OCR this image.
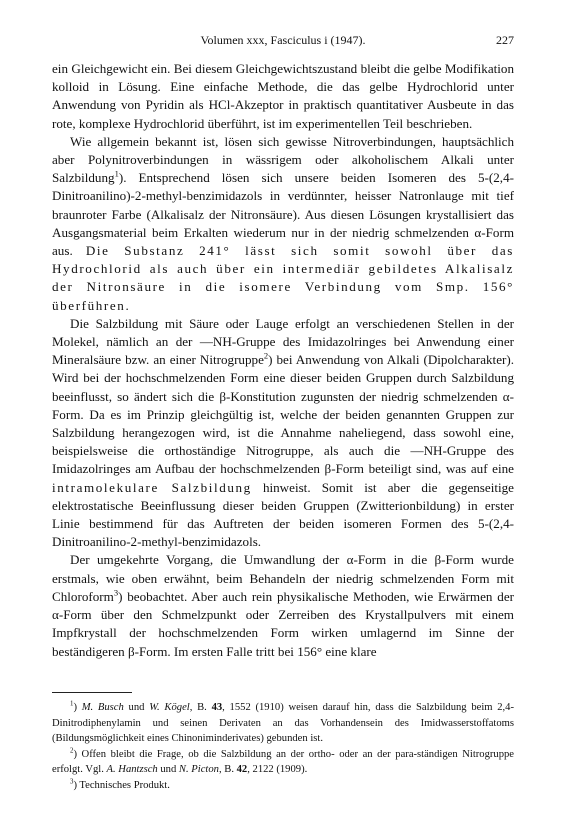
Volumen xxx, Fasciculus i (1947).	227

ein Gleichgewicht ein. Bei diesem Gleichgewichtszustand bleibt die gelbe Modifikation kolloid in Lösung. Eine einfache Methode, die das gelbe Hydrochlorid unter Anwendung von Pyridin als HCl-Akzeptor in praktisch quantitativer Ausbeute in das rote, komplexe Hydrochlorid überführt, ist im experimentellen Teil beschrieben.

Wie allgemein bekannt ist, lösen sich gewisse Nitroverbindungen, hauptsächlich aber Polynitroverbindungen in wässrigem oder alkoholischem Alkali unter Salzbildung$^1$). Entsprechend lösen sich unsere beiden Isomeren des 5-(2,4-Dinitroanilino)-2-methyl-benzimidazols in verdünnter, heisser Natronlauge mit tief braunroter Farbe (Alkalisalz der Nitronsäure). Aus diesen Lösungen krystallisiert das Ausgangsmaterial beim Erkalten wiederum nur in der niedrig schmelzenden α-Form aus. Die Substanz 241° lässt sich somit sowohl über das Hydrochlorid als auch über ein intermediär gebildetes Alkalisalz der Nitronsäure in die isomere Verbindung vom Smp. 156° überführen.

Die Salzbildung mit Säure oder Lauge erfolgt an verschiedenen Stellen in der Molekel, nämlich an der —NH-Gruppe des Imidazolringes bei Anwendung einer Mineralsäure bzw. an einer Nitrogruppe$^2$) bei Anwendung von Alkali (Dipolcharakter). Wird bei der hochschmelzenden Form eine dieser beiden Gruppen durch Salzbildung beeinflusst, so ändert sich die β-Konstitution zugunsten der niedrig schmelzenden α-Form. Da es im Prinzip gleichgültig ist, welche der beiden genannten Gruppen zur Salzbildung herangezogen wird, ist die Annahme naheliegend, dass sowohl eine, beispielsweise die orthoständige Nitrogruppe, als auch die —NH-Gruppe des Imidazolringes am Aufbau der hochschmelzenden β-Form beteiligt sind, was auf eine intramolekulare Salzbildung hinweist. Somit ist aber die gegenseitige elektrostatische Beeinflussung dieser beiden Gruppen (Zwitterionbildung) in erster Linie bestimmend für das Auftreten der beiden isomeren Formen des 5-(2,4-Dinitroanilino-2-methyl-benzimidazols.

Der umgekehrte Vorgang, die Umwandlung der α-Form in die β-Form wurde erstmals, wie oben erwähnt, beim Behandeln der niedrig schmelzenden Form mit Chloroform$^3$) beobachtet. Aber auch rein physikalische Methoden, wie Erwärmen der α-Form über den Schmelzpunkt oder Zerreiben des Krystallpulvers mit einem Impfkrystall der hochschmelzenden Form wirken umlagernd im Sinne der beständigeren β-Form. Im ersten Falle tritt bei 156° eine klare

$^1$) M. Busch und W. Kögel, B. 43, 1552 (1910) weisen darauf hin, dass die Salzbildung beim 2,4-Dinitrodiphenylamin und seinen Derivaten an das Vorhandensein des Imidwasserstoffatoms (Bildungsmöglichkeit eines Chinoniminderivates) gebunden ist.

$^2$) Offen bleibt die Frage, ob die Salzbildung an der ortho- oder an der para-ständigen Nitrogruppe erfolgt. Vgl. A. Hantzsch und N. Picton, B. 42, 2122 (1909).

$^3$) Technisches Produkt.
